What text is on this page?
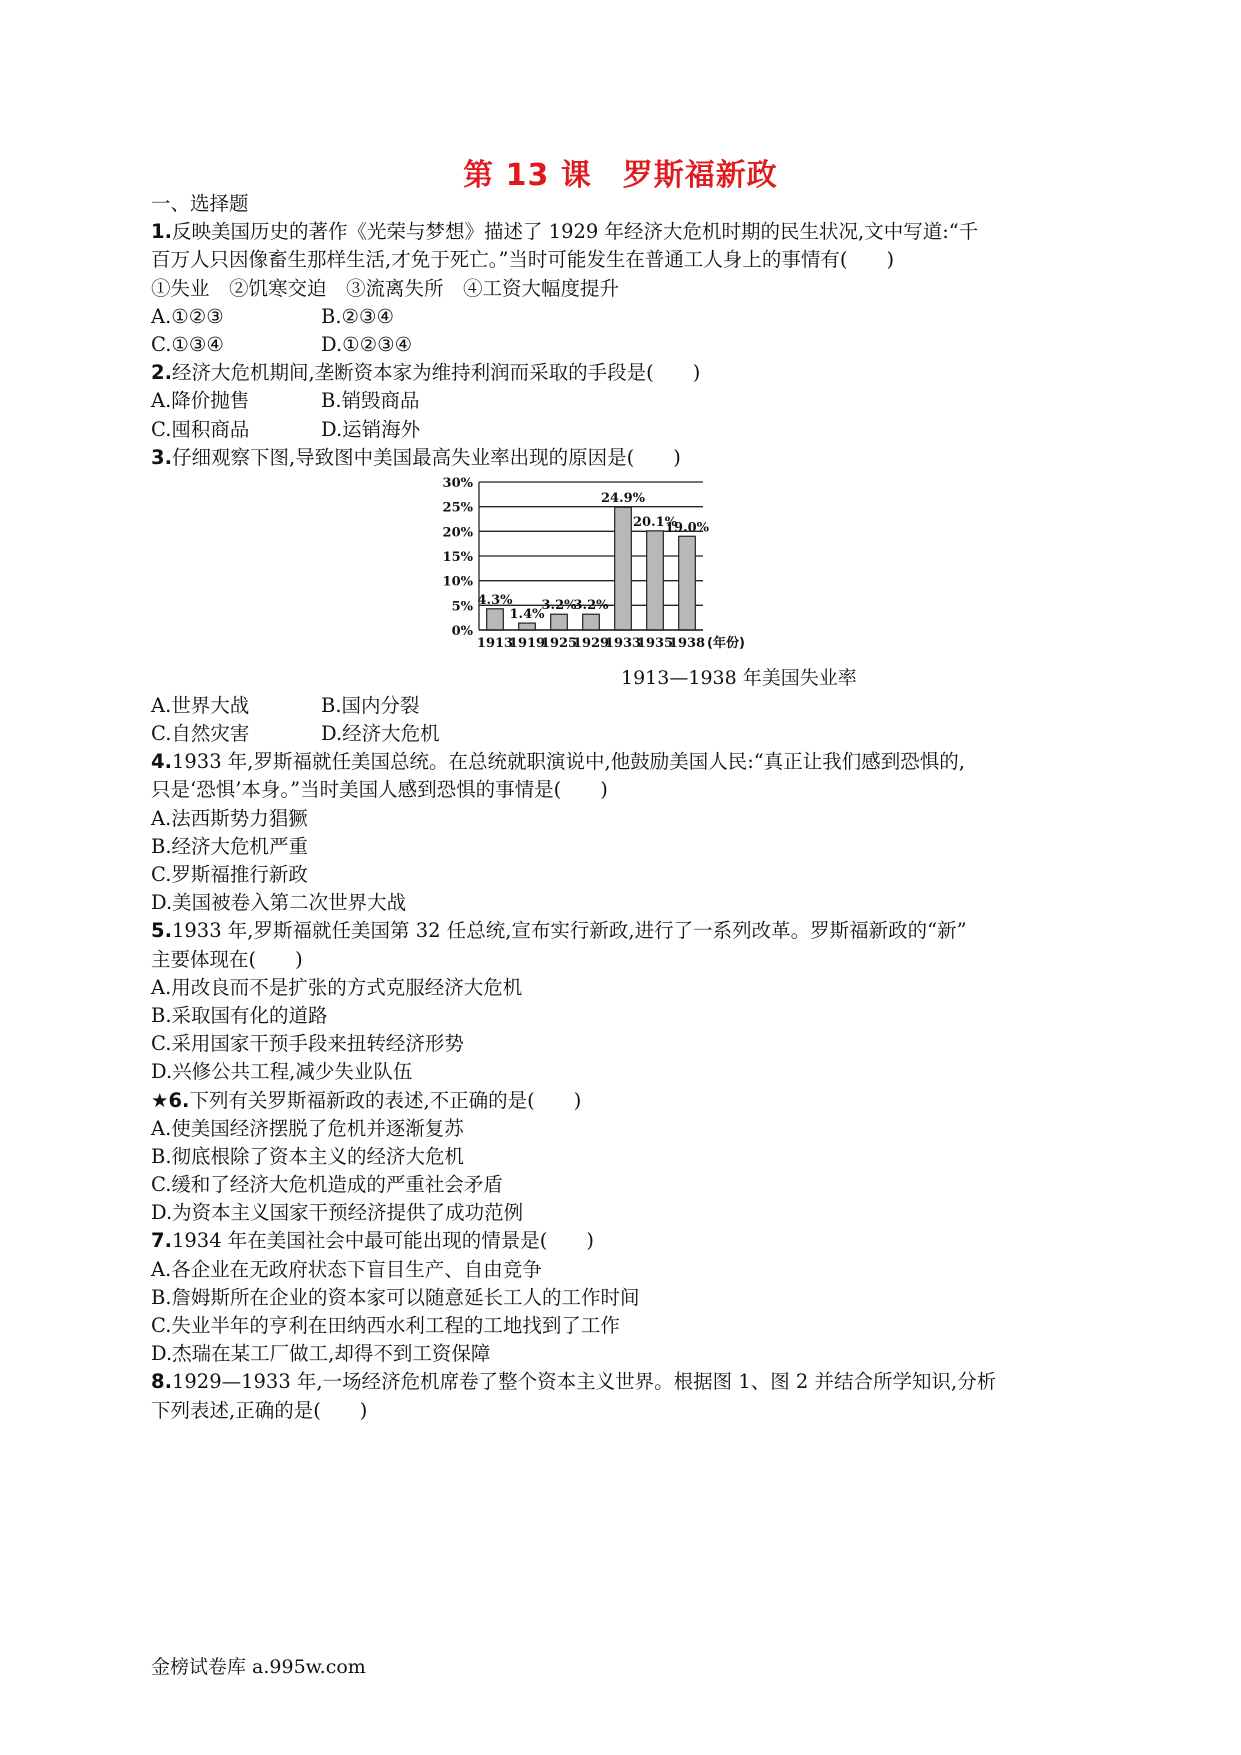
第 13 课　罗斯福新政
一、选择题
1.反映美国历史的著作《光荣与梦想》描述了 1929 年经济大危机时期的民生状况,文中写道:“千
百万人只因像畜生那样生活,才免于死亡。”当时可能发生在普通工人身上的事情有(　　)
①失业　②饥寒交迫　③流离失所　④工资大幅度提升
A.①②③	B.②③④
C.①③④	D.①②③④
2.经济大危机期间,垄断资本家为维持利润而采取的手段是(　　)
A.降价抛售	B.销毁商品
C.囤积商品	D.运销海外
3.仔细观察下图,导致图中美国最高失业率出现的原因是(　　)
0%
5%
10%
15%
20%
25%
30%
4.3%
1913
1.4%
1919
3.2%
1925
3.2%
1929
24.9%
1933
20.1%
1935
19.0%
1938 (年份)
1913—1938 年美国失业率
A.世界大战	B.国内分裂
C.自然灾害	D.经济大危机
4.1933 年,罗斯福就任美国总统。在总统就职演说中,他鼓励美国人民:“真正让我们感到恐惧的,
只是‘恐惧’本身。”当时美国人感到恐惧的事情是(　　)
A.法西斯势力猖獗
B.经济大危机严重
C.罗斯福推行新政
D.美国被卷入第二次世界大战
5.1933 年,罗斯福就任美国第 32 任总统,宣布实行新政,进行了一系列改革。罗斯福新政的“新”
主要体现在(　　)
A.用改良而不是扩张的方式克服经济大危机
B.采取国有化的道路
C.采用国家干预手段来扭转经济形势
D.兴修公共工程,减少失业队伍
★6.下列有关罗斯福新政的表述,不正确的是(　　)
A.使美国经济摆脱了危机并逐渐复苏
B.彻底根除了资本主义的经济大危机
C.缓和了经济大危机造成的严重社会矛盾
D.为资本主义国家干预经济提供了成功范例
7.1934 年在美国社会中最可能出现的情景是(　　)
A.各企业在无政府状态下盲目生产、自由竞争
B.詹姆斯所在企业的资本家可以随意延长工人的工作时间
C.失业半年的亨利在田纳西水利工程的工地找到了工作
D.杰瑞在某工厂做工,却得不到工资保障
8.1929—1933 年,一场经济危机席卷了整个资本主义世界。根据图 1、图 2 并结合所学知识,分析
下列表述,正确的是(　　)
金榜试卷库 a.995w.com
